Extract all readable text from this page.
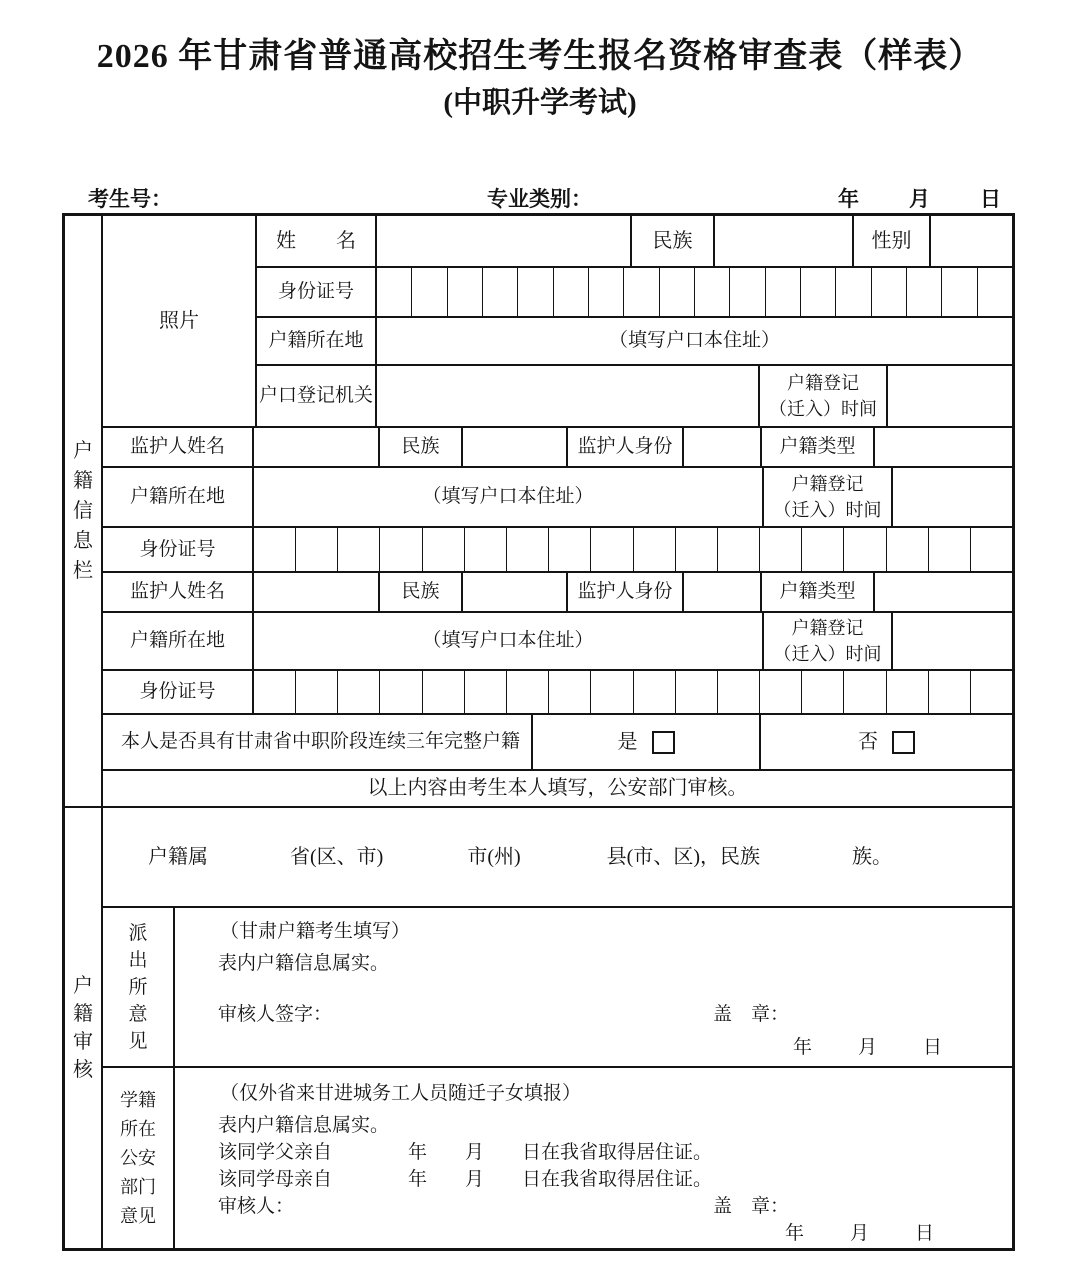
2026 年甘肃省普通高校招生考生报名资格审查表（样表）
(中职升学考试)
考生号：	专业类别：	年 月 日
户籍信息栏
户籍审核
照片
姓　　名	民族	性别
身份证号
户籍所在地	（填写户口本住址）
户口登记机关
户籍登记
（迁入）时间
监护人姓名	民族	监护人身份	户籍类型
户籍所在地	（填写户口本住址）
户籍登记
（迁入）时间
身份证号
监护人姓名	民族	监护人身份	户籍类型
户籍所在地	（填写户口本住址）
户籍登记
（迁入）时间
身份证号
本人是否具有甘肃省中职阶段连续三年完整户籍	是	否
以上内容由考生本人填写，公安部门审核。
户籍属	省(区、市)	市(州)	县(市、区)，民族	族。
派出所意见
（甘肃户籍考生填写）
表内户籍信息属实。
审核人签字：	盖　章：
年 月 日
学籍所在公安部门意见
（仅外省来甘进城务工人员随迁子女填报）
表内户籍信息属实。
该同学父亲自　　　　年　　月　　日在我省取得居住证。
该同学母亲自　　　　年　　月　　日在我省取得居住证。
审核人：	盖　章：
年 月 日
